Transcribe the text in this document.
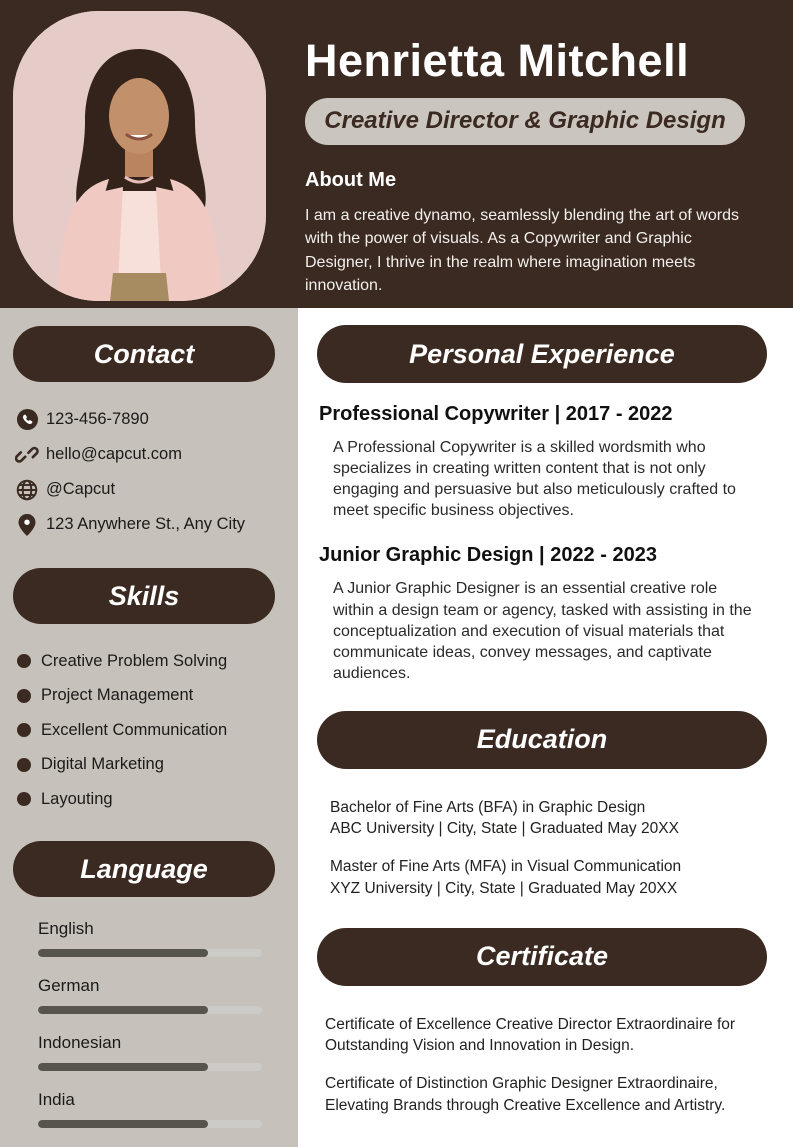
Henrietta Mitchell
Creative Director & Graphic Design
About Me
I am a creative dynamo, seamlessly blending the art of words with the power of visuals. As a Copywriter and Graphic Designer, I thrive in the realm where imagination meets innovation.
Contact
123-456-7890
hello@capcut.com
@Capcut
123 Anywhere St., Any City
Skills
Creative Problem Solving
Project Management
Excellent Communication
Digital Marketing
Layouting
Language
English
German
Indonesian
India
Personal Experience
Professional Copywriter | 2017 - 2022
A Professional Copywriter is a skilled wordsmith who specializes in creating written content that is not only engaging and persuasive but also meticulously crafted to meet specific business objectives.
Junior Graphic Design | 2022 - 2023
A Junior Graphic Designer is an essential creative role within a design team or agency, tasked with assisting in the conceptualization and execution of visual materials that communicate ideas, convey messages, and captivate audiences.
Education
Bachelor of Fine Arts (BFA) in Graphic Design
ABC University | City, State | Graduated May 20XX
Master of Fine Arts (MFA) in Visual Communication
XYZ University | City, State | Graduated May 20XX
Certificate
Certificate of Excellence Creative Director Extraordinaire for Outstanding Vision and Innovation in Design.
Certificate of Distinction Graphic Designer Extraordinaire, Elevating Brands through Creative Excellence and Artistry.
